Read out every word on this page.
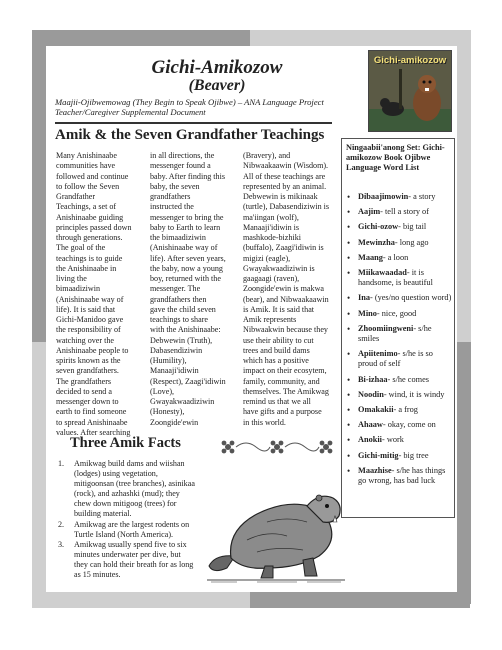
Gichi-Amikozow
(Beaver)
Maajii-Ojibwemowag (They Begin to Speak Ojibwe) – ANA Language Project
Teacher/Caregiver Supplemental Document
Gichi-amikozow
Amik & the Seven Grandfather Teachings
Many Anishinaabe
communities have
followed and continue
to follow the Seven
Grandfather
Teachings, a set of
Anishinaabe guiding
principles passed down
through generations.
The goal of the
teachings is to guide
the Anishinaabe in
living the
bimaadiziwin
(Anishinaabe way of
life). It is said that
Gichi-Manidoo gave
the responsibility of
watching over the
Anishinaabe people to
spirits known as the
seven grandfathers.
The grandfathers
decided to send a
messenger down to
earth to find someone
to spread Anishinaabe
values. After searching
in all directions, the
messenger found a
baby. After finding this
baby, the seven
grandfathers
instructed the
messenger to bring the
baby to Earth to learn
the bimaadiziwin
(Anishinaabe way of
life). After seven years,
the baby, now a young
boy, returned with the
messenger. The
grandfathers then
gave the child seven
teachings to share
with the Anishinaabe:
Debwewin (Truth),
Dabasendiziwin
(Humility),
Manaaji'idiwin
(Respect), Zaagi'idiwin
(Love),
Gwayakwaadiziwin
(Honesty),
Zoongide'ewin
(Bravery), and
Nibwaakaawin (Wisdom).
All of these teachings are
represented by an animal.
Debwewin is mikinaak
(turtle), Dabasendiziwin is
ma'iingan (wolf),
Manaaji'idiwin is
mashkode-bizhiki
(buffalo), Zaagi'idiwin is
migizi (eagle),
Gwayakwaadiziwin is
gaagaagi (raven),
Zoongide'ewin is makwa
(bear), and Nibwaakaawin
is Amik. It is said that
Amik represents
Nibwaakwin because they
use their ability to cut
trees and build dams
which has a positive
impact on their ecosytem,
family, community, and
themselves. The Amikwag
remind us that we all
have gifts and a purpose
in this world.
Ningaabii'anong Set: Gichi-amikozow Book Ojibwe Language Word List
• Dibaajimowin- a story
• Aajim- tell a story of
• Gichi-ozow- big tail
• Mewinzha- long ago
• Maang- a loon
• Miikawaadad- it is handsome, is beautiful
• Ina- (yes/no question word)
• Mino- nice, good
• Zhoomiingweni- s/he smiles
• Apiitenimo- s/he is so proud of self
• Bi-izhaa- s/he comes
• Noodin- wind, it is windy
• Omakakii- a frog
• Ahaaw- okay, come on
• Anokii- work
• Gichi-mitig- big tree
• Maazhise- s/he has things go wrong, has bad luck
Three Amik Facts
1. Amikwag build dams and wiishan
(lodges) using vegetation,
mitigoonsan (tree branches), asinikaa
(rock), and azhashki (mud); they
chew down mitigoog (trees) for
building material.
2. Amikwag are the largest rodents on
Turtle Island (North America).
3. Amikwag usually spend five to six
minutes underwater per dive, but
they can hold their breath for as long
as 15 minutes.
